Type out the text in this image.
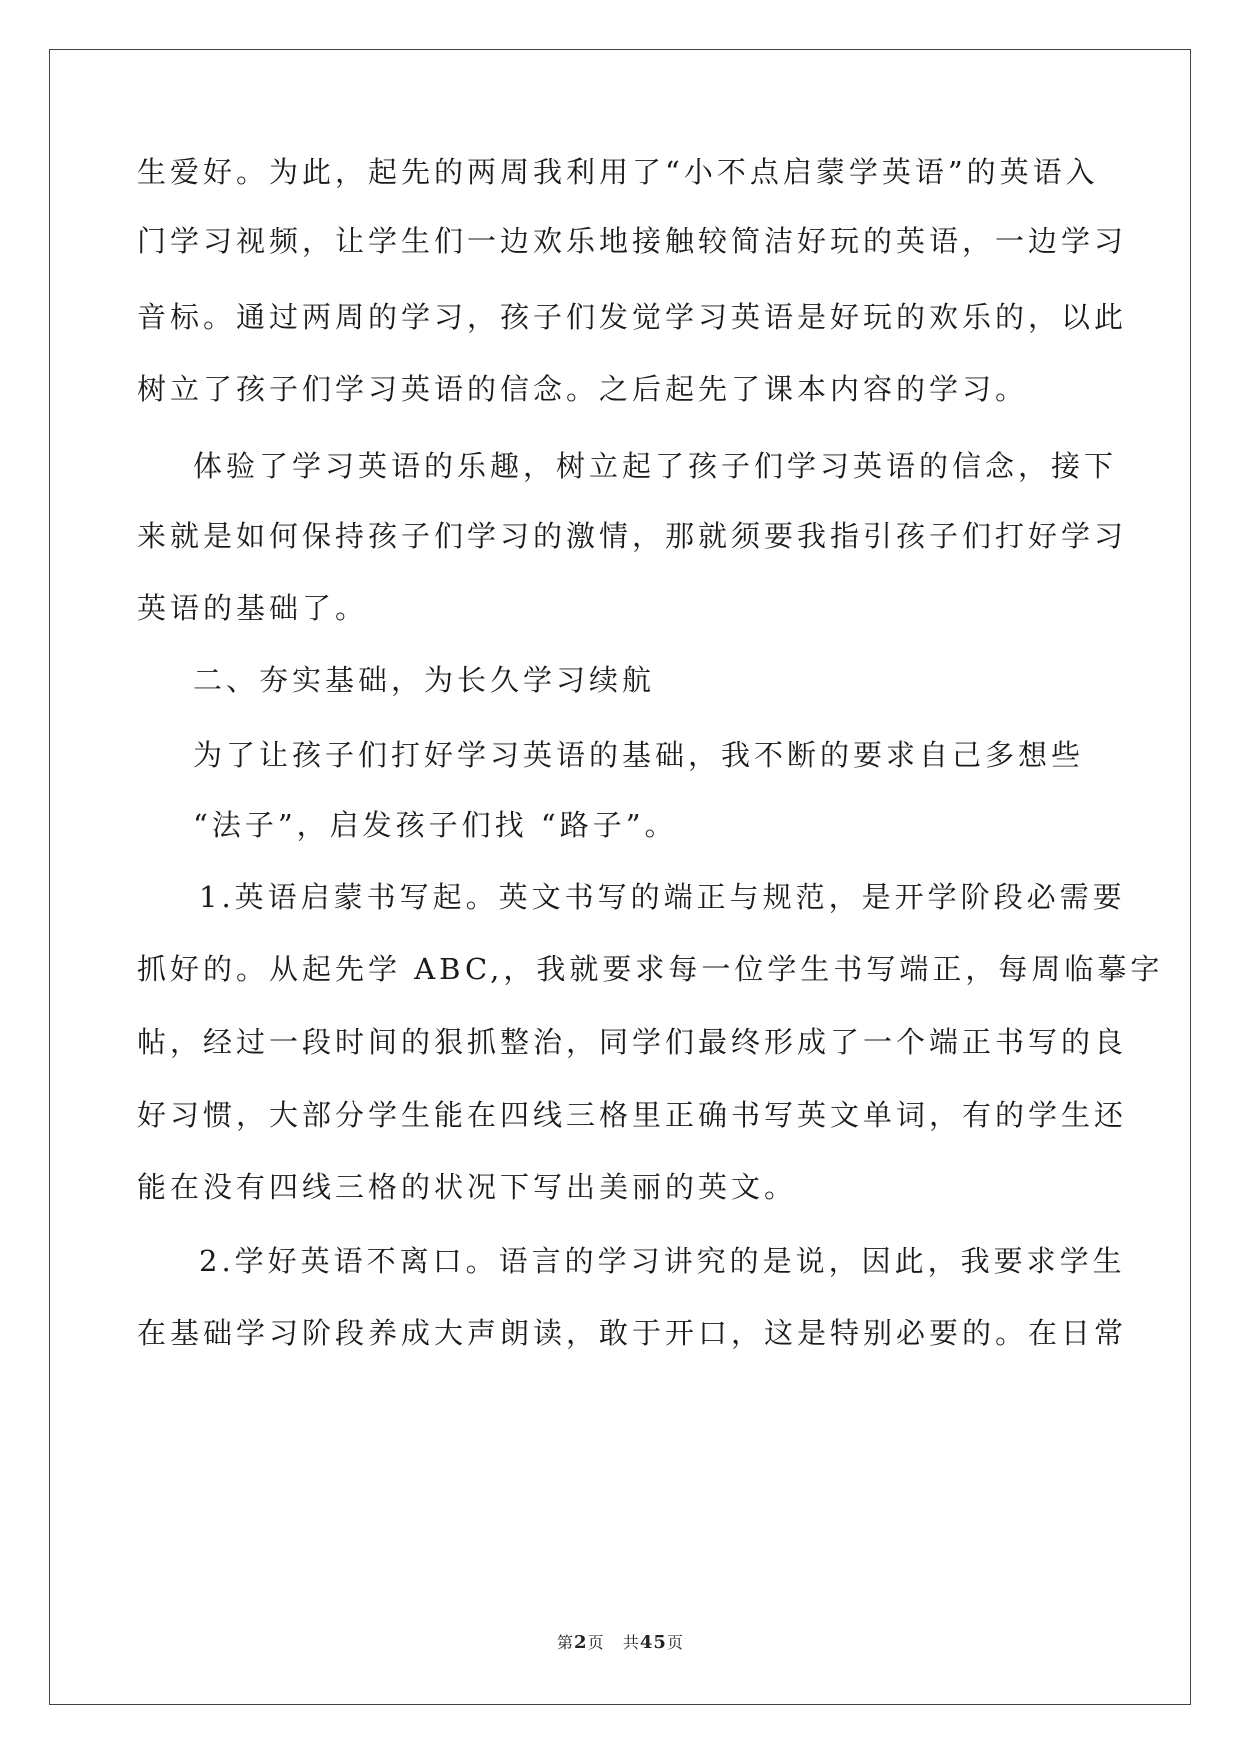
生爱好。为此，起先的两周我利用了“小不点启蒙学英语”的英语入
门学习视频，让学生们一边欢乐地接触较简洁好玩的英语，一边学习
音标。通过两周的学习，孩子们发觉学习英语是好玩的欢乐的，以此
树立了孩子们学习英语的信念。之后起先了课本内容的学习。
体验了学习英语的乐趣，树立起了孩子们学习英语的信念，接下
来就是如何保持孩子们学习的激情，那就须要我指引孩子们打好学习
英语的基础了。
二、夯实基础，为长久学习续航
为了让孩子们打好学习英语的基础，我不断的要求自己多想些
“法子”，启发孩子们找 “路子”。
1.英语启蒙书写起。英文书写的端正与规范，是开学阶段必需要
抓好的。从起先学 ABC,，我就要求每一位学生书写端正，每周临摹字
帖，经过一段时间的狠抓整治，同学们最终形成了一个端正书写的良
好习惯，大部分学生能在四线三格里正确书写英文单词，有的学生还
能在没有四线三格的状况下写出美丽的英文。
2.学好英语不离口。语言的学习讲究的是说，因此，我要求学生
在基础学习阶段养成大声朗读，敢于开口，这是特别必要的。在日常
第2页 共45页
